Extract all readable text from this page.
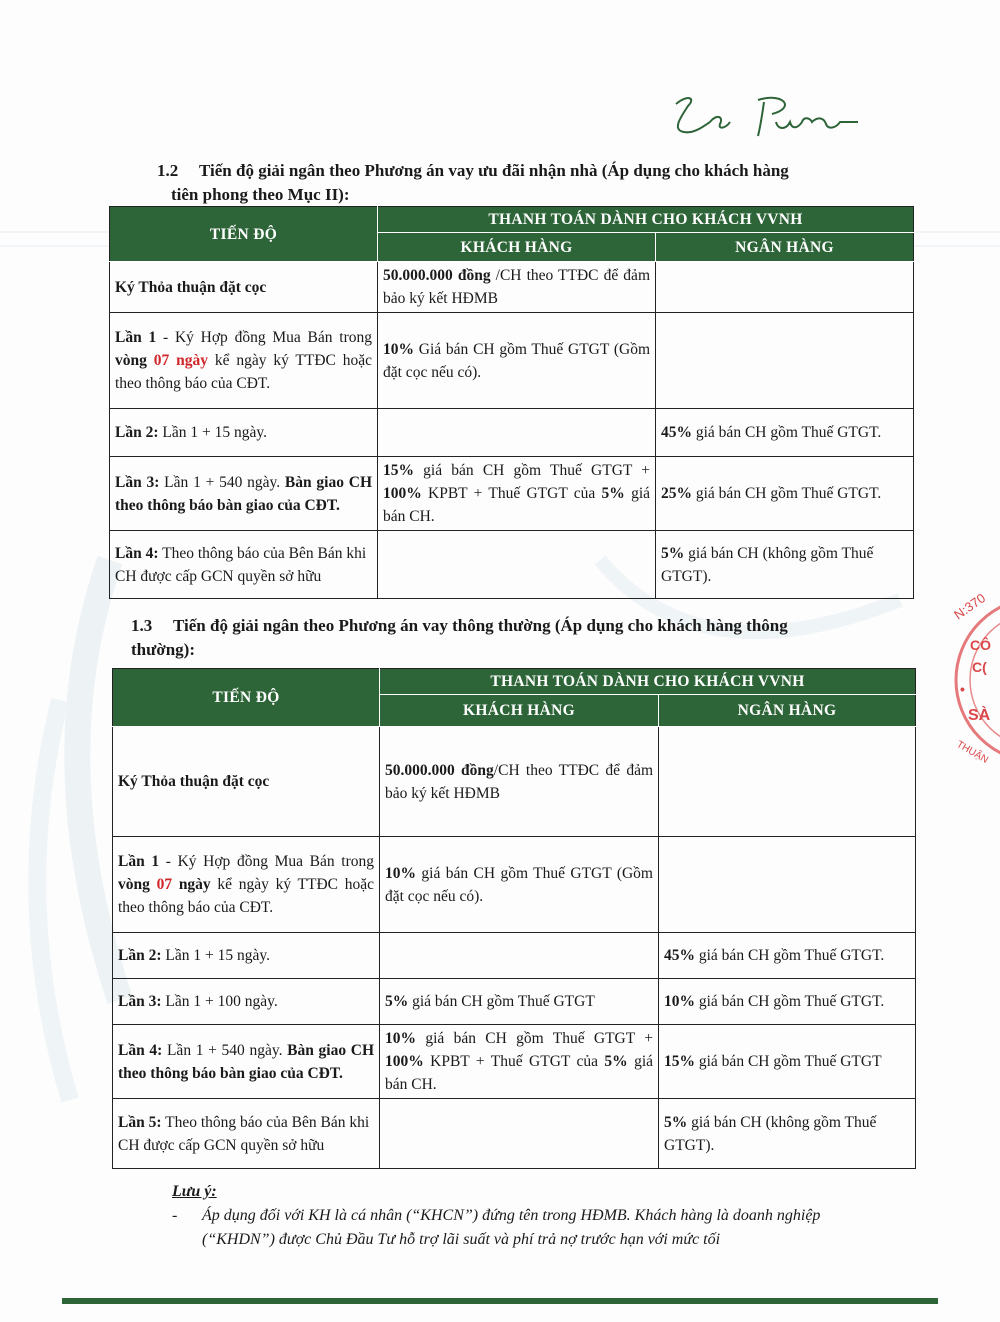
N:370
CÔ
C(
•
SÀ
THUẬN
1.2 Tiến độ giải ngân theo Phương án vay ưu đãi nhận nhà (Áp dụng cho khách hàng
tiên phong theo Mục II):
TIẾN ĐỘ	THANH TOÁN DÀNH CHO KHÁCH VVNH	
	KHÁCH HÀNG	NGÂN HÀNG
Ký Thỏa thuận đặt cọc	50.000.000 đồng /CH theo TTĐC để đảm bảo ký kết HĐMB	
Lần 1 - Ký Hợp đồng Mua Bán trong vòng 07 ngày kể ngày ký TTĐC hoặc theo thông báo của CĐT.	10% Giá bán CH gồm Thuế GTGT (Gồm đặt cọc nếu có).	
Lần 2: Lần 1 + 15 ngày.		45% giá bán CH gồm Thuế GTGT.
Lần 3: Lần 1 + 540 ngày. Bàn giao CH theo thông báo bàn giao của CĐT.	15% giá bán CH gồm Thuế GTGT + 100% KPBT + Thuế GTGT của 5% giá bán CH.	25% giá bán CH gồm Thuế GTGT.
Lần 4: Theo thông báo của Bên Bán khi CH được cấp GCN quyền sở hữu		5% giá bán CH (không gồm Thuế GTGT).
1.3 Tiến độ giải ngân theo Phương án vay thông thường (Áp dụng cho khách hàng thông
thường):
TIẾN ĐỘ	THANH TOÁN DÀNH CHO KHÁCH VVNH	
	KHÁCH HÀNG	NGÂN HÀNG
Ký Thỏa thuận đặt cọc	50.000.000 đồng/CH theo TTĐC để đảm bảo ký kết HĐMB	
Lần 1 - Ký Hợp đồng Mua Bán trong vòng 07 ngày kể ngày ký TTĐC hoặc theo thông báo của CĐT.	10% giá bán CH gồm Thuế GTGT (Gồm đặt cọc nếu có).	
Lần 2: Lần 1 + 15 ngày.		45% giá bán CH gồm Thuế GTGT.
Lần 3: Lần 1 + 100 ngày.	5% giá bán CH gồm Thuế GTGT	10% giá bán CH gồm Thuế GTGT.
Lần 4: Lần 1 + 540 ngày. Bàn giao CH theo thông báo bàn giao của CĐT.	10% giá bán CH gồm Thuế GTGT + 100% KPBT + Thuế GTGT của 5% giá bán CH.	15% giá bán CH gồm Thuế GTGT
Lần 5: Theo thông báo của Bên Bán khi CH được cấp GCN quyền sở hữu		5% giá bán CH (không gồm Thuế GTGT).
Lưu ý:
- Áp dụng đối với KH là cá nhân (“KHCN”) đứng tên trong HĐMB. Khách hàng là doanh nghiệp (“KHDN”) được Chủ Đầu Tư hỗ trợ lãi suất và phí trả nợ trước hạn với mức tối
